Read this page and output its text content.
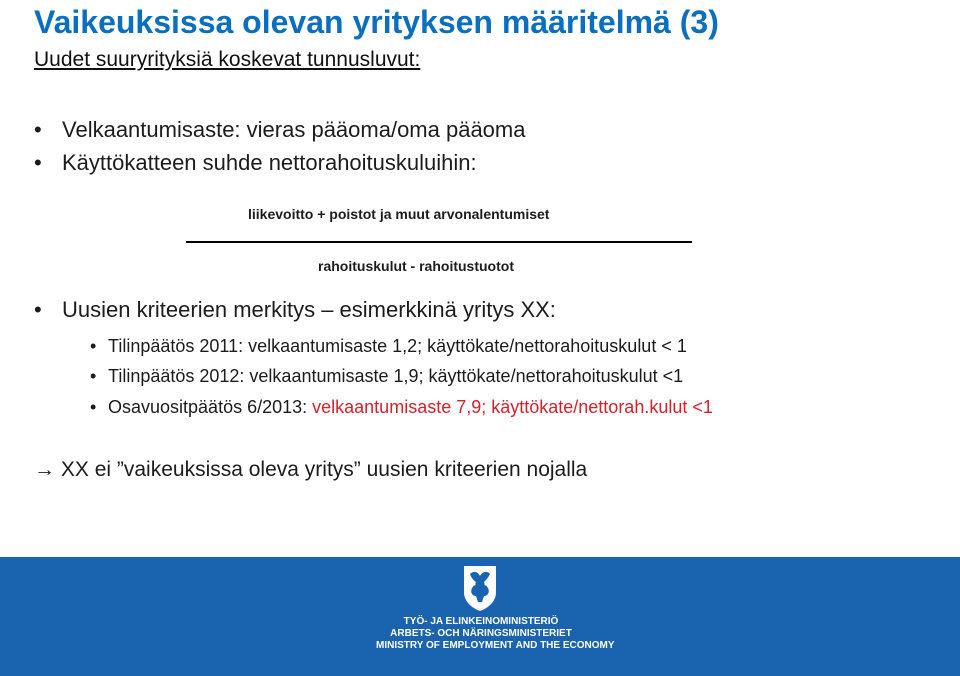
Vaikeuksissa olevan yrityksen määritelmä (3)
Uudet suuryrityksiä koskevat tunnusluvut:
• Velkaantumisaste: vieras pääoma/oma pääoma
• Käyttökatteen suhde nettorahoituskuluihin:
liikevoitto + poistot ja muut arvonalentumiset
rahoituskulut - rahoitustuotot
• Uusien kriteerien merkitys – esimerkkinä yritys XX:
• Tilinpäätös 2011: velkaantumisaste 1,2; käyttökate/nettorahoituskulut < 1
• Tilinpäätös 2012: velkaantumisaste 1,9; käyttökate/nettorahoituskulut <1
• Osavuositpäätös 6/2013: velkaantumisaste 7,9; käyttökate/nettorah.kulut <1
→ XX ei ”vaikeuksissa oleva yritys” uusien kriteerien nojalla
TYÖ- JA ELINKEINOMINISTERIÖ
ARBETS- OCH NÄRINGSMINISTERIET
MINISTRY OF EMPLOYMENT AND THE ECONOMY
